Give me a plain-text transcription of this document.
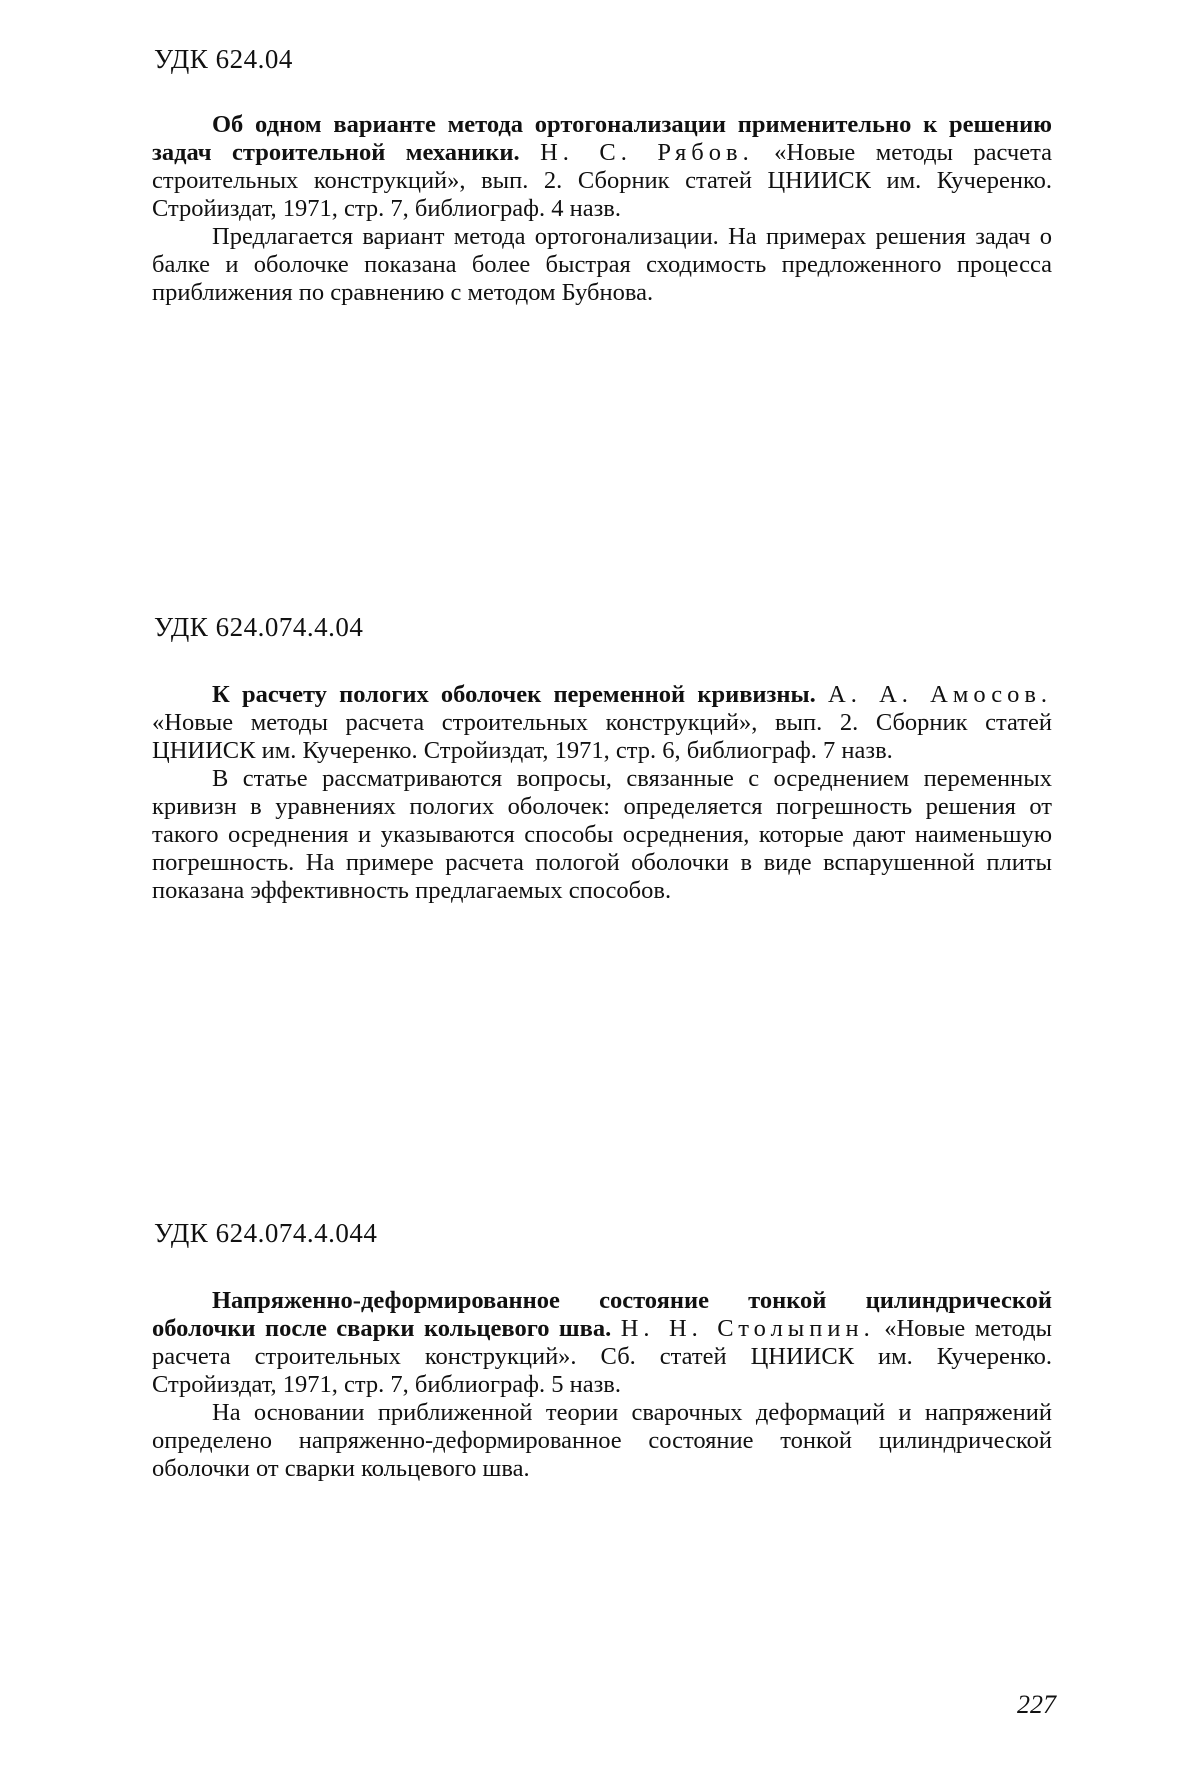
УДК 624.04

Об одном варианте метода ортогонализации применительно к решению задач строительной механики. Н. С. Рябов. «Новые методы расчета строительных конструкций», вып. 2. Сборник статей ЦНИИСК им. Кучеренко. Стройиздат, 1971, стр. 7, библиограф. 4 назв.

Предлагается вариант метода ортогонализации. На примерах решения задач о балке и оболочке показана более быстрая сходимость предложенного процесса приближения по сравнению с методом Бубнова.

УДК 624.074.4.04

К расчету пологих оболочек переменной кривизны. А. А. Амосов. «Новые методы расчета строительных конструкций», вып. 2. Сборник статей ЦНИИСК им. Кучеренко. Стройиздат, 1971, стр. 6, библиограф. 7 назв.

В статье рассматриваются вопросы, связанные с осреднением переменных кривизн в уравнениях пологих оболочек: определяется погрешность решения от такого осреднения и указываются способы осреднения, которые дают наименьшую погрешность. На примере расчета пологой оболочки в виде вспарушенной плиты показана эффективность предлагаемых способов.

УДК 624.074.4.044

Напряженно-деформированное состояние тонкой цилиндрической оболочки после сварки кольцевого шва. Н. Н. Столыпин. «Новые методы расчета строительных конструкций». Сб. статей ЦНИИСК им. Кучеренко. Стройиздат, 1971, стр. 7, библиограф. 5 назв.

На основании приближенной теории сварочных деформаций и напряжений определено напряженно-деформированное состояние тонкой цилиндрической оболочки от сварки кольцевого шва.

227
